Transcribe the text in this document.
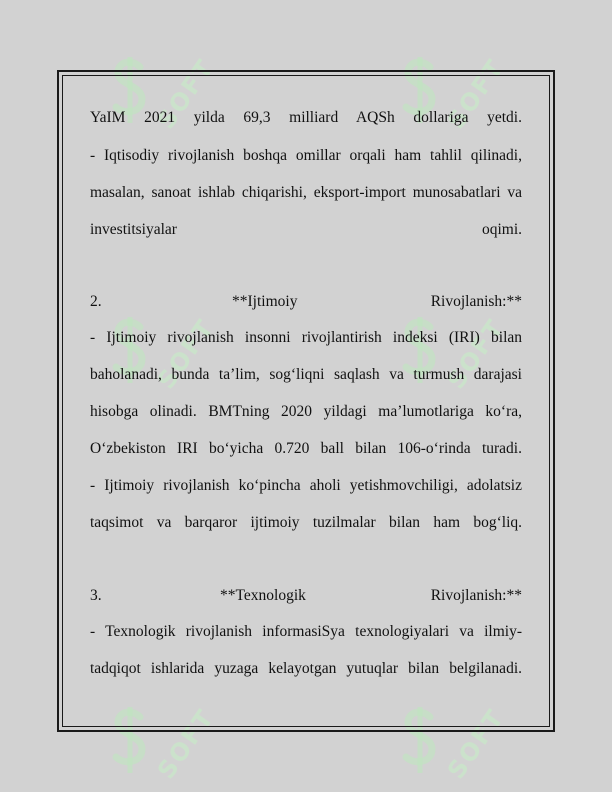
SOFT	SOFT
SOFT	SOFT
SOFT	SOFT
YaIM 2021 yilda 69,3 milliard AQSh dollariga yetdi.
- Iqtisodiy rivojlanish boshqa omillar orqali ham tahlil qilinadi,
masalan, sanoat ishlab chiqarishi, eksport-import munosabatlari va
investitsiyalar	oqimi.
2.	**Ijtimoiy	Rivojlanish:**
- Ijtimoiy rivojlanish insonni rivojlantirish indeksi (IRI) bilan
baholanadi, bunda ta’lim, sog‘liqni saqlash va turmush darajasi
hisobga olinadi. BMTning 2020 yildagi ma’lumotlariga ko‘ra,
O‘zbekiston IRI bo‘yicha 0.720 ball bilan 106-o‘rinda turadi.
- Ijtimoiy rivojlanish ko‘pincha aholi yetishmovchiligi, adolatsiz
taqsimot va barqaror ijtimoiy tuzilmalar bilan ham bog‘liq.
3.	**Texnologik	Rivojlanish:**
- Texnologik rivojlanish informasiSya texnologiyalari va ilmiy-
tadqiqot ishlarida yuzaga kelayotgan yutuqlar bilan belgilanadi.
